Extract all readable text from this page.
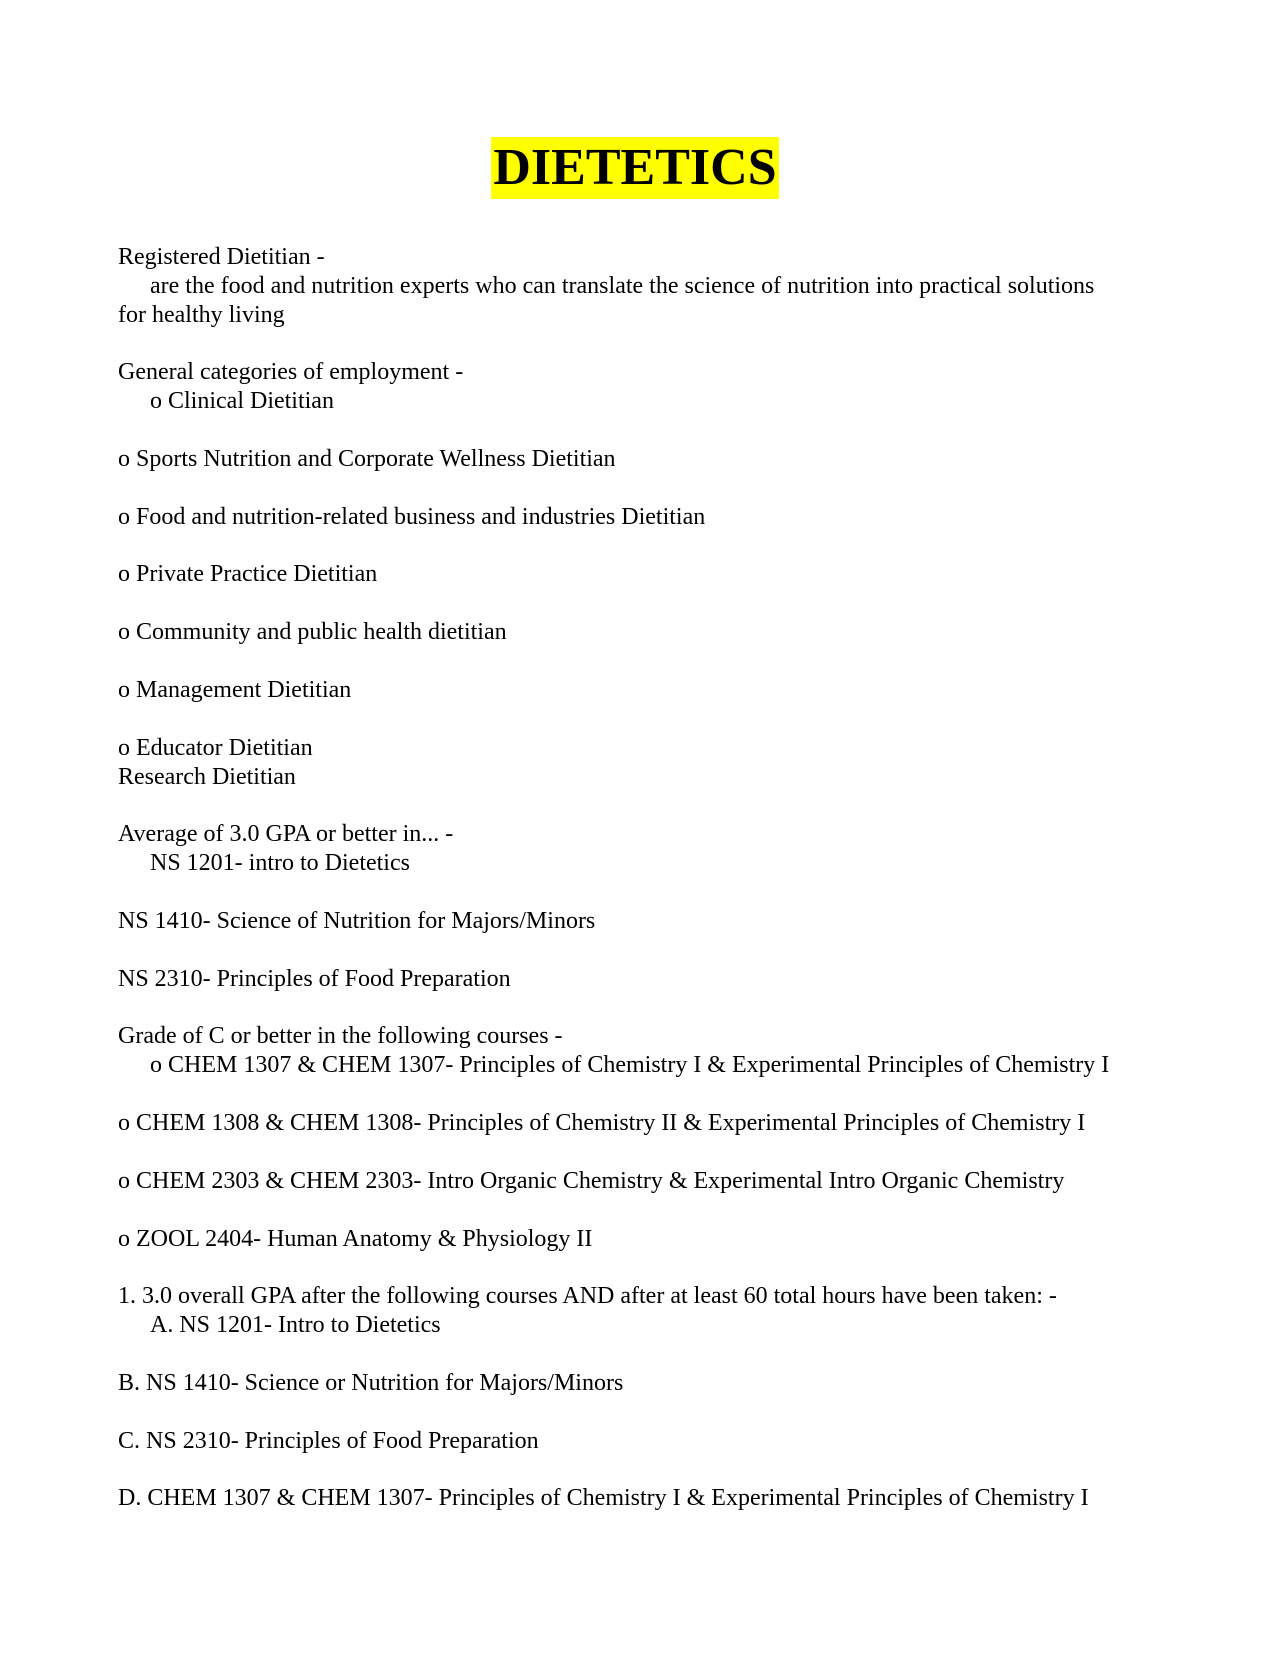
DIETETICS
Registered Dietitian -
are the food and nutrition experts who can translate the science of nutrition into practical solutions
for healthy living
General categories of employment -
o Clinical Dietitian
o Sports Nutrition and Corporate Wellness Dietitian
o Food and nutrition-related business and industries Dietitian
o Private Practice Dietitian
o Community and public health dietitian
o Management Dietitian
o Educator Dietitian
Research Dietitian
Average of 3.0 GPA or better in... -
NS 1201- intro to Dietetics
NS 1410- Science of Nutrition for Majors/Minors
NS 2310- Principles of Food Preparation
Grade of C or better in the following courses -
o CHEM 1307 & CHEM 1307- Principles of Chemistry I & Experimental Principles of Chemistry I
o CHEM 1308 & CHEM 1308- Principles of Chemistry II & Experimental Principles of Chemistry I
o CHEM 2303 & CHEM 2303- Intro Organic Chemistry & Experimental Intro Organic Chemistry
o ZOOL 2404- Human Anatomy & Physiology II
1. 3.0 overall GPA after the following courses AND after at least 60 total hours have been taken: -
A. NS 1201- Intro to Dietetics
B. NS 1410- Science or Nutrition for Majors/Minors
C. NS 2310- Principles of Food Preparation
D. CHEM 1307 & CHEM 1307- Principles of Chemistry I & Experimental Principles of Chemistry I
